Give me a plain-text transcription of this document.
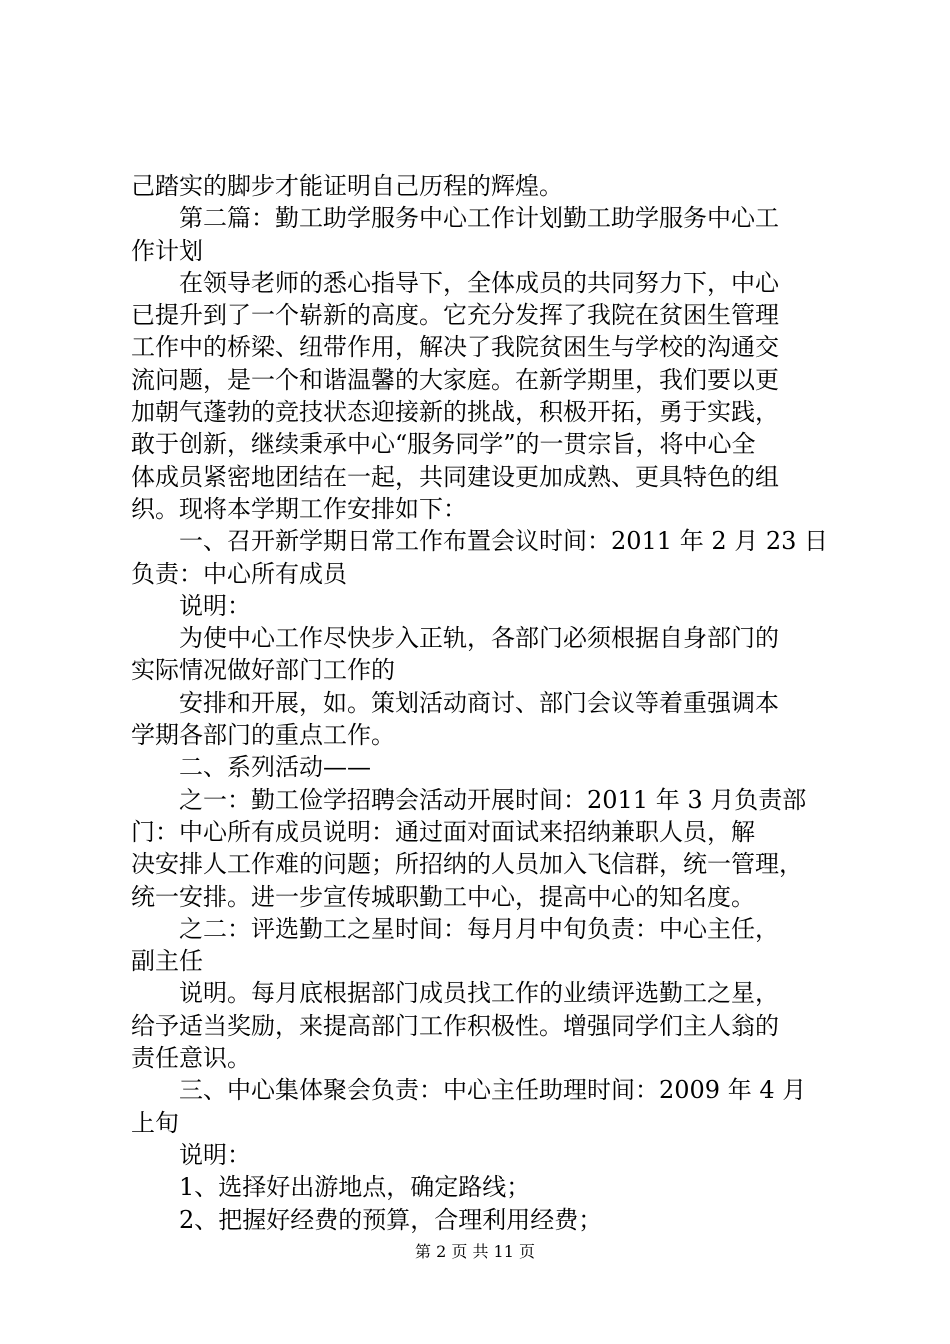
己踏实的脚步才能证明自己历程的辉煌。
第二篇：勤工助学服务中心工作计划勤工助学服务中心工
作计划
在领导老师的悉心指导下，全体成员的共同努力下，中心
已提升到了一个崭新的高度。它充分发挥了我院在贫困生管理
工作中的桥梁、纽带作用，解决了我院贫困生与学校的沟通交
流问题，是一个和谐温馨的大家庭。在新学期里，我们要以更
加朝气蓬勃的竞技状态迎接新的挑战，积极开拓，勇于实践，
敢于创新，继续秉承中心“服务同学”的一贯宗旨，将中心全
体成员紧密地团结在一起，共同建设更加成熟、更具特色的组
织。现将本学期工作安排如下：
一、召开新学期日常工作布置会议时间：2011 年 2 月 23 日
负责：中心所有成员
说明：
为使中心工作尽快步入正轨，各部门必须根据自身部门的
实际情况做好部门工作的
安排和开展，如。策划活动商讨、部门会议等着重强调本
学期各部门的重点工作。
二、系列活动——
之一：勤工俭学招聘会活动开展时间：2011 年 3 月负责部
门：中心所有成员说明：通过面对面试来招纳兼职人员，解
决安排人工作难的问题；所招纳的人员加入飞信群，统一管理，
统一安排。进一步宣传城职勤工中心，提高中心的知名度。
之二：评选勤工之星时间：每月月中旬负责：中心主任，
副主任
说明。每月底根据部门成员找工作的业绩评选勤工之星，
给予适当奖励，来提高部门工作积极性。增强同学们主人翁的
责任意识。
三、中心集体聚会负责：中心主任助理时间：2009 年 4 月
上旬
说明：
1、选择好出游地点，确定路线；
2、把握好经费的预算，合理利用经费；
第 2 页 共 11 页
